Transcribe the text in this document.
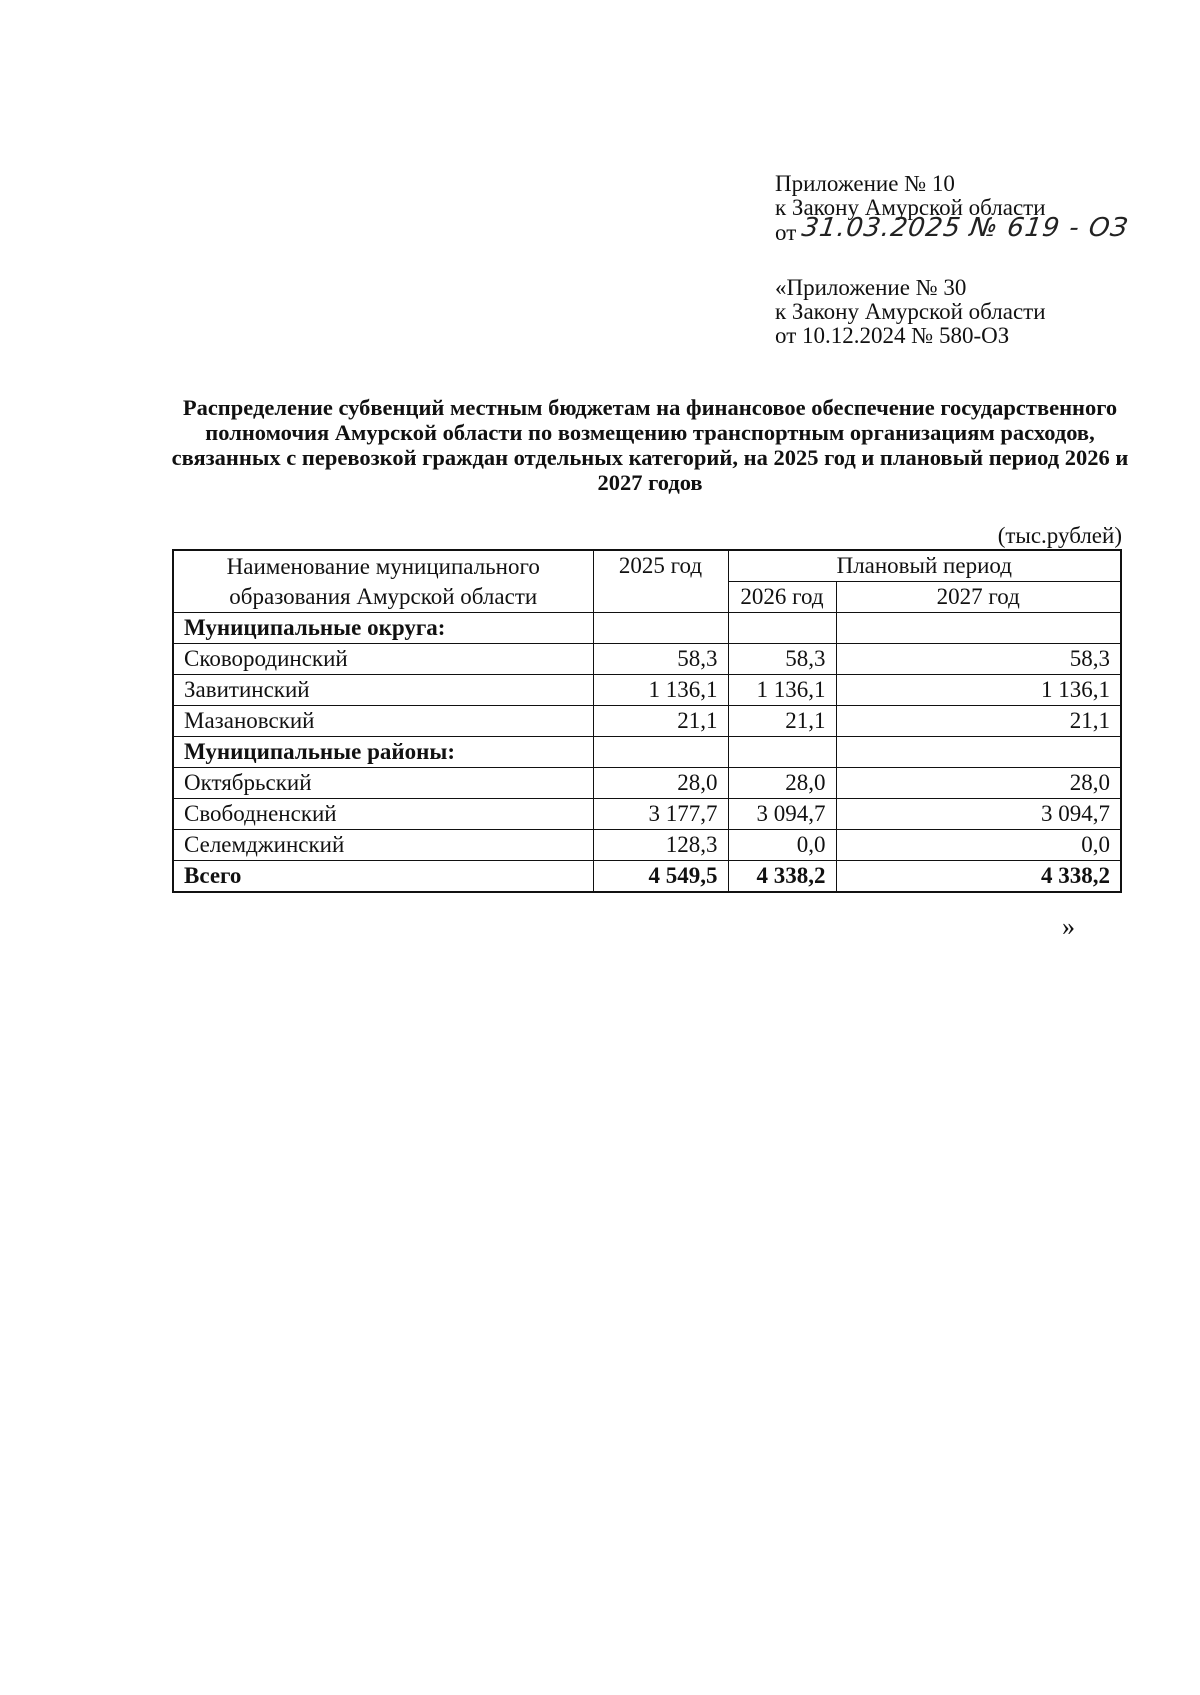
Приложение № 10
к Закону Амурской области
от 31.03.2025 № 619 - ОЗ
«Приложение № 30
к Закону Амурской области
от 10.12.2024 № 580-ОЗ
Распределение субвенций местным бюджетам на финансовое обеспечение государственного полномочия Амурской области по возмещению транспортным организациям расходов, связанных с перевозкой граждан отдельных категорий, на 2025 год и плановый период 2026 и 2027 годов
(тыс.рублей)
Наименование муниципального образования Амурской области	2025 год	Плановый период	
		2026 год	2027 год
Муниципальные округа:			
Сковородинский	58,3	58,3	58,3
Завитинский	1 136,1	1 136,1	1 136,1
Мазановский	21,1	21,1	21,1
Муниципальные районы:			
Октябрьский	28,0	28,0	28,0
Свободненский	3 177,7	3 094,7	3 094,7
Селемджинский	128,3	0,0	0,0
Всего	4 549,5	4 338,2	4 338,2
»
